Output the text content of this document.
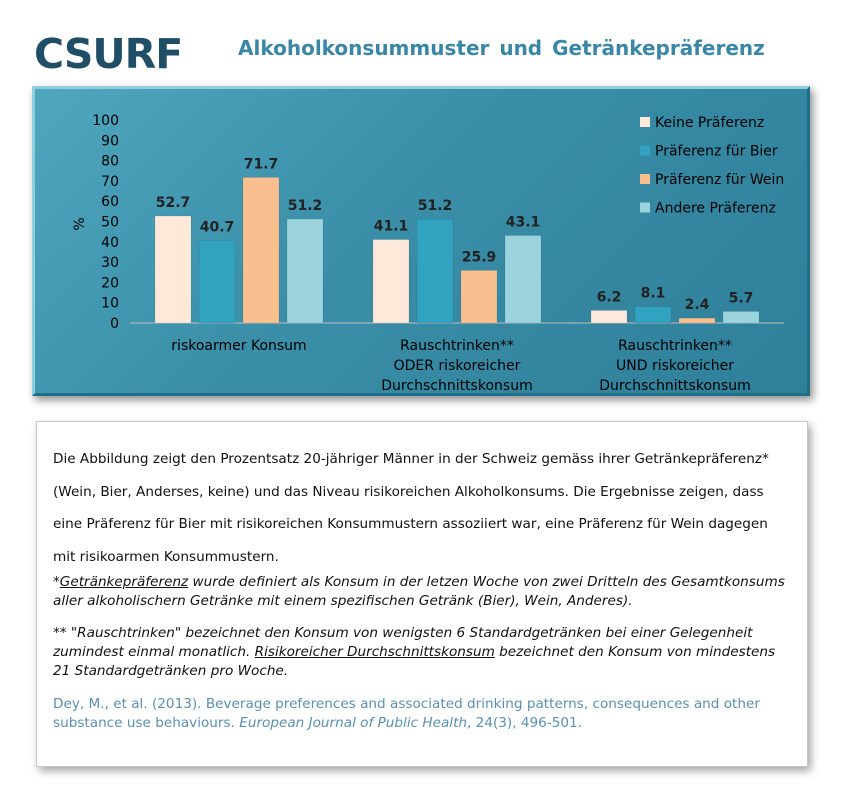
CSURF	Alkoholkonsummuster und Getränkepräferenz
0
10
20
30
40
50
60
70
80
90
100
%
52.7
40.7
71.7
51.2
riskoarmer Konsum
41.1
51.2
25.9
43.1
Rauschtrinken**
ODER riskoreicher
Durchschnittskonsum
6.2 8.1
2.4 5.7
Rauschtrinken**
UND riskoreicher
Durchschnittskonsum
Keine Präferenz
Präferenz für Bier
Präferenz für Wein
Andere Präferenz
Die Abbildung zeigt den Prozentsatz 20-jähriger Männer in der Schweiz gemäss ihrer Getränkepräferenz*
(Wein, Bier, Anderses, keine) und das Niveau risikoreichen Alkoholkonsums. Die Ergebnisse zeigen, dass
eine Präferenz für Bier mit risikoreichen Konsummustern assoziiert war, eine Präferenz für Wein dagegen
mit risikoarmen Konsummustern.
*Getränkepräferenz wurde definiert als Konsum in der letzen Woche von zwei Dritteln des Gesamtkonsums aller alkoholischern Getränke mit einem spezifischen Getränk (Bier), Wein, Anderes).
** "Rauschtrinken" bezeichnet den Konsum von wenigsten 6 Standardgetränken bei einer Gelegenheit zumindest einmal monatlich. Risikoreicher Durchschnittskonsum bezeichnet den Konsum von mindestens 21 Standardgetränken pro Woche.
Dey, M., et al. (2013). Beverage preferences and associated drinking patterns, consequences and other substance use behaviours. European Journal of Public Health, 24(3), 496-501.
